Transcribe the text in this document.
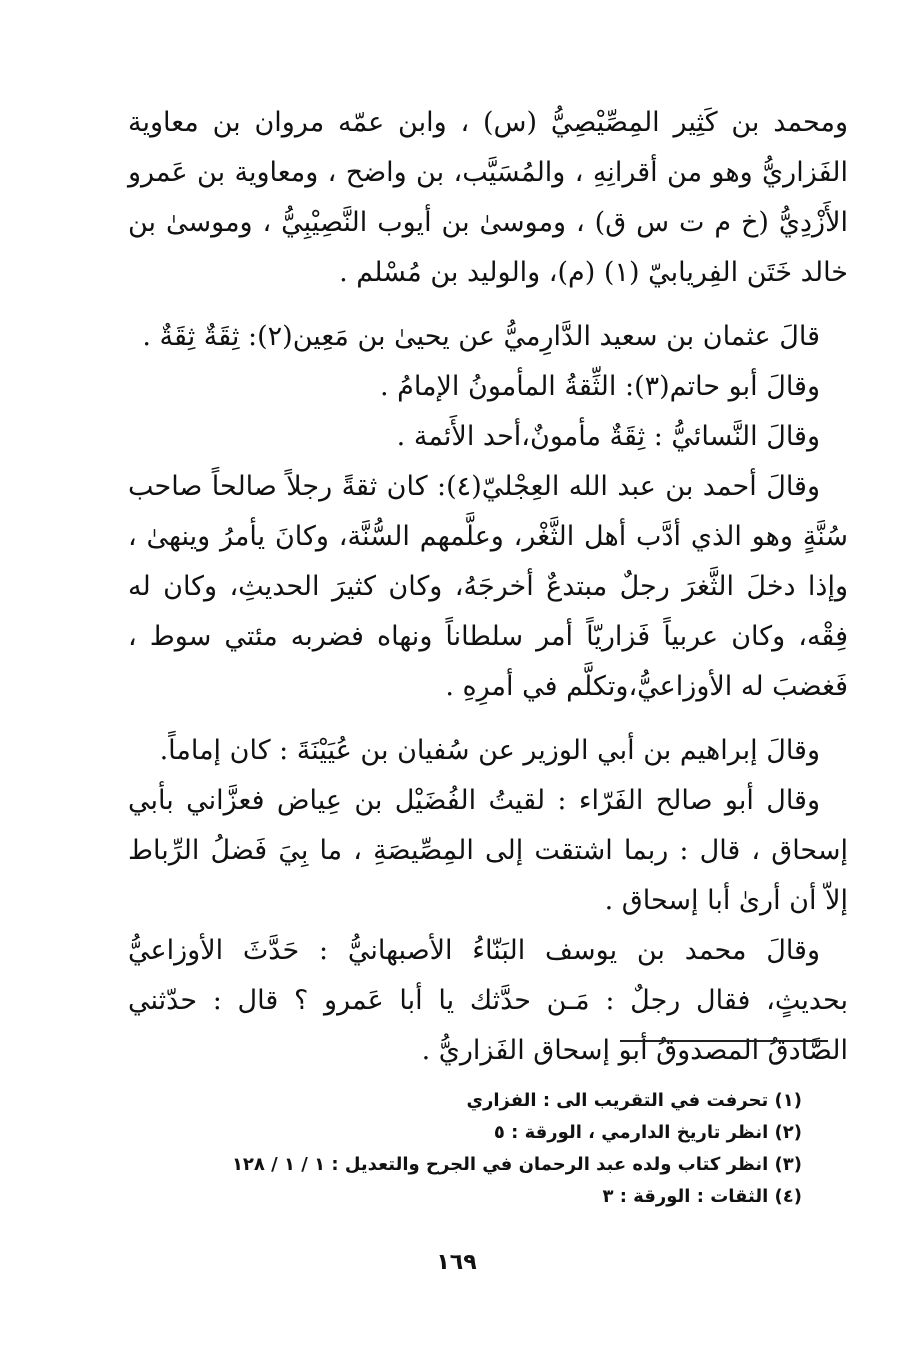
ومحمد بن كَثِير المِصِّيْصِيُّ (س) ، وابن عمّه مروان بن معاوية الفَزاريُّ وهو من أقرانِهِ ، والمُسَيَّب، بن واضح ، ومعاوية بن عَمرو الأَزْدِيُّ (خ م ت س ق) ، وموسىٰ بن أيوب النَّصِيْبِيُّ ، وموسىٰ بن خالد خَتَن الفِريابيّ (١) (م)، والوليد بن مُسْلم .

قالَ عثمان بن سعيد الدَّارِميُّ عن يحيىٰ بن مَعِين(٢): ثِقَةٌ ثِقَةٌ .

وقالَ أبو حاتم(٣): الثِّقةُ المأمونُ الإمامُ .

وقالَ النَّسائيُّ : ثِقَةٌ مأمونٌ،أحد الأَئمة .

وقالَ أحمد بن عبد الله العِجْليّ(٤): كان ثقةً رجلاً صالحاً صاحب سُنَّةٍ وهو الذي أدَّب أهل الثَّغْر، وعلَّمهم السُّنَّة، وكانَ يأمرُ وينهىٰ ، وإذا دخلَ الثَّغرَ رجلٌ مبتدعٌ أخرجَهُ، وكان كثيرَ الحديثِ، وكان له فِقْه، وكان عربياً فَزاريّاً أمر سلطاناً ونهاه فضربه مئتي سوط ، فَغضبَ له الأوزاعيُّ،وتكلَّم في أمرِهِ .

وقالَ إبراهيم بن أبي الوزير عن سُفيان بن عُيَيْنَةَ : كان إماماً.

وقال أبو صالح الفَرّاء : لقيتُ الفُضَيْل بن عِياض فعزَّاني بأبي إسحاق ، قال : ربما اشتقت إلى المِصِّيصَةِ ، ما بِيَ فَضلُ الرِّباط إلاّ أن أرىٰ أبا إسحاق .

وقالَ محمد بن يوسف البَنّاءُ الأصبهانيُّ : حَدَّثَ الأوزاعيُّ بحديثٍ، فقال رجلٌ : مَـن حدَّثك يا أبا عَمرو ؟ قال : حدّثني الصَّادقُ المصدوقُ أبو إسحاق الفَزاريُّ .

(١) تحرفت في التقريب الى : الفزاري

(٢) انظر تاريخ الدارمي ، الورقة : ٥

(٣) انظر كتاب ولده عبد الرحمان في الجرح والتعديل : ١ / ١ / ١٢٨

(٤) الثقات : الورقة : ٣

١٦٩
